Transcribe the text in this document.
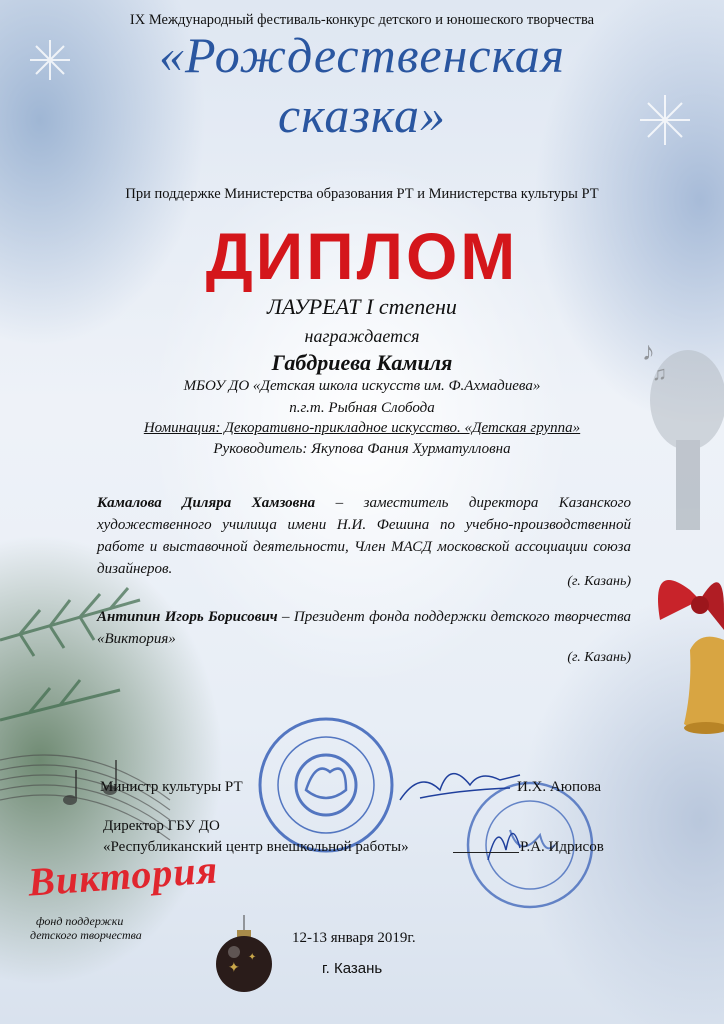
♪
♫
✦
✦
IX Международный фестиваль-конкурс детского и юношеского творчества
«Рождественская
сказка»
При поддержке Министерства образования РТ и Министерства культуры РТ
ДИПЛОМ
ЛАУРЕАТ I степени
награждается
Габдриева Камиля
МБОУ ДО «Детская школа искусств им. Ф.Ахмадиева»
п.г.т. Рыбная Слобода
Номинация: Декоративно-прикладное искусство. «Детская группа»
Руководитель: Якупова Фания Хурматулловна
Камалова Диляра Хамзовна – заместитель директора Казанского художественного училища имени Н.И. Фешина по учебно-производственной работе и выставочной деятельности, Член МАСД московской ассоциации союза дизайнеров.
(г. Казань)
Антипин Игорь Борисович – Президент фонда поддержки детского творчества «Виктория»
(г. Казань)
Министр культуры РТ	И.Х. Аюпова
Директор ГБУ ДО
«Республиканский центр внешкольной работы»	Р.А. Идрисов
Виктория
фонд поддержки
детского творчества	12-13 января 2019г.
г. Казань
